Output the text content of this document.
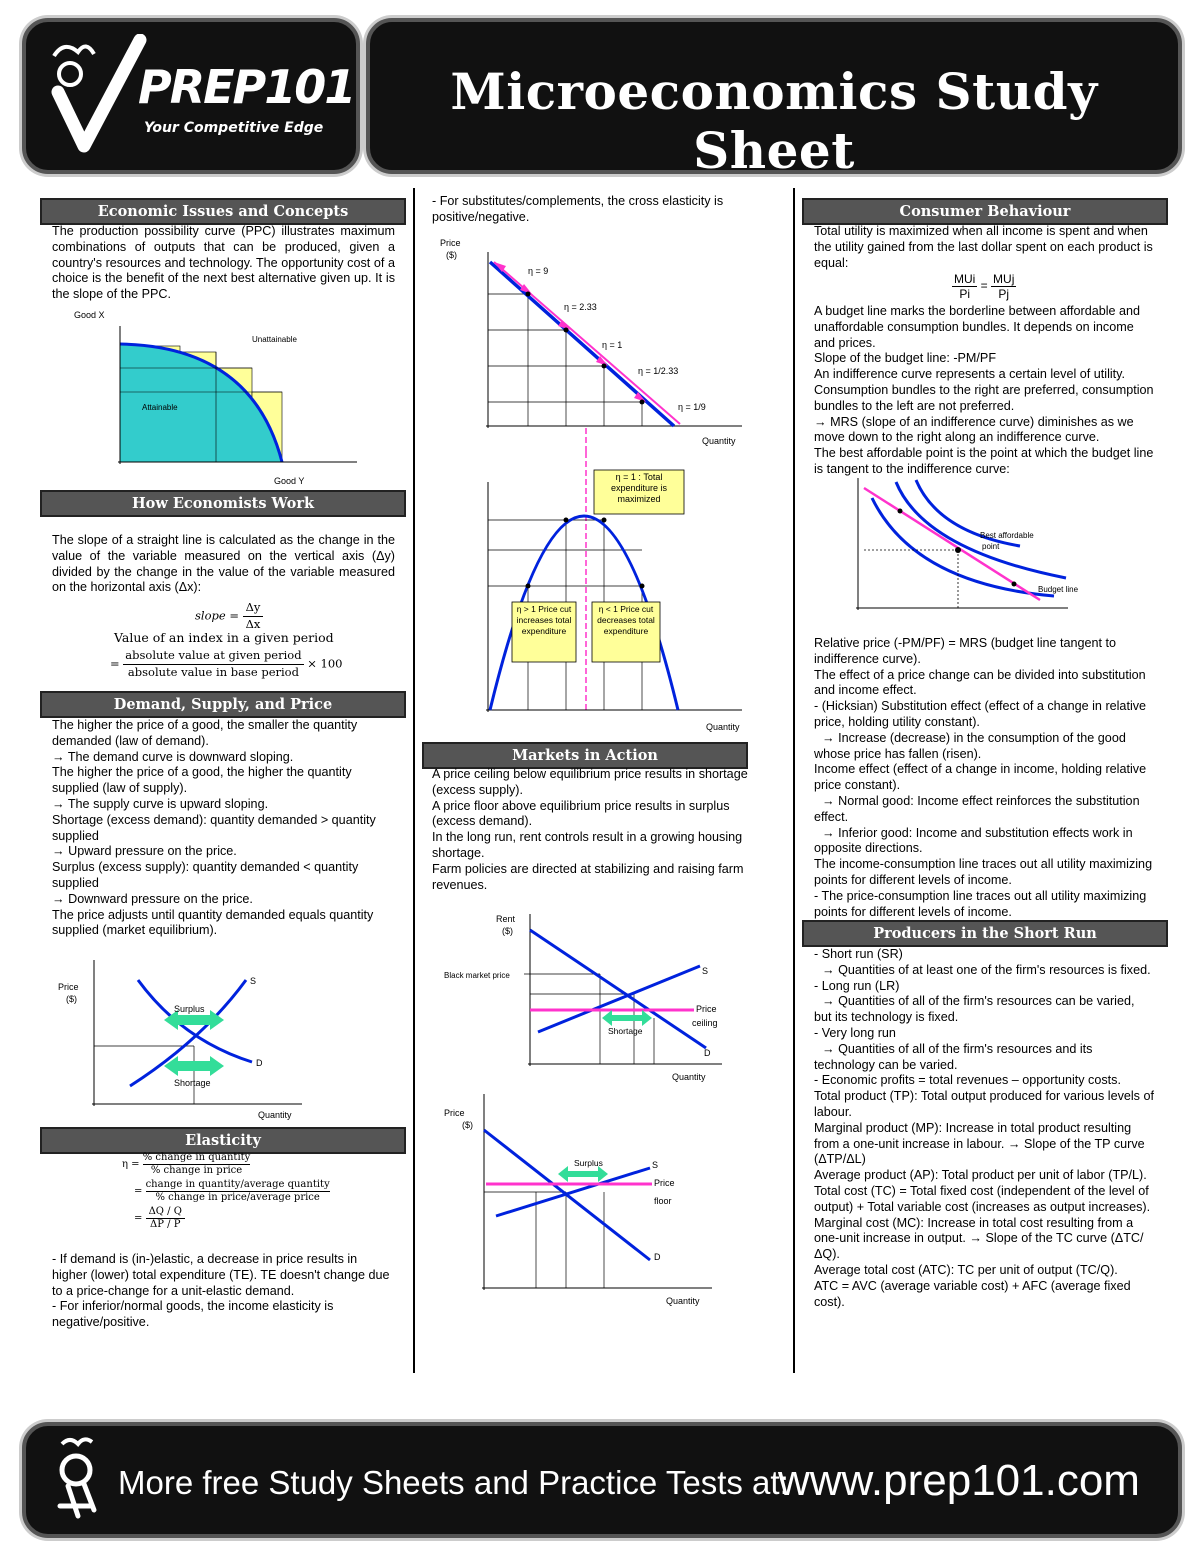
PREP101
Your Competitive Edge
Microeconomics Study Sheet
Economic Issues and Concepts

The production possibility curve (PPC) illustrates maximum combinations of outputs that can be produced, given a country's resources and technology. The opportunity cost of a choice is the benefit of the next best alternative given up. It is the slope of the PPC.

Good X
Good Y
Unattainable
Attainable
How Economists Work

The slope of a straight line is calculated as the change in the value of the variable measured on the vertical axis (Δy) divided by the change in the value of the variable measured on the horizontal axis (Δx):

slope = $\frac{\Delta y}{\Delta x}$
Value of an index in a given period
=
absolute value at given period
absolute value in base period
× 100
Demand, Supply, and Price

The higher the price of a good, the smaller the quantity demanded (law of demand).

→ The demand curve is downward sloping.

The higher the price of a good, the higher the quantity supplied (law of supply).

→ The supply curve is upward sloping.

Shortage (excess demand): quantity demanded > quantity supplied

→ Upward pressure on the price.

Surplus (excess supply): quantity demanded < quantity supplied

→ Downward pressure on the price.

The price adjusts until quantity demanded equals quantity supplied (market equilibrium).

Price
($)
Quantity
Surplus
Shortage
S
D
Elasticity
η =
% change in quantity
% change in price
=
change in quantity/average quantity
% change in price/average price
= $\frac{\Delta Q / Q}{\Delta P / P}$

- If demand is (in-)elastic, a decrease in price results in higher (lower) total expenditure (TE). TE doesn't change due to a price-change for a unit-elastic demand.

- For inferior/normal goods, the income elasticity is negative/positive.

- For substitutes/complements, the cross elasticity is positive/negative.
Price
($)
Quantity
η = 9
η = 2.33
η = 1
η = 1/2.33
η = 1/9
Quantity
η = 1 : Total expenditure is maximized
η > 1 Price cut increases total expenditure
η < 1 Price cut decreases total expenditure
Markets in Action

A price ceiling below equilibrium price results in shortage (excess supply).

A price floor above equilibrium price results in surplus (excess demand).

In the long run, rent controls result in a growing housing shortage.

Farm policies are directed at stabilizing and raising farm revenues.

Rent
($)
Quantity
Black market price
Shortage
S
Price
ceiling
D
Price
($)
Quantity
Surplus	S
Price
floor
D
Consumer Behaviour
Total utility is maximized when all income is spent and when the utility gained from the last dollar spent on each product is equal:
MUi
Pi
= MUj
Pj

A budget line marks the borderline between affordable and unaffordable consumption bundles. It depends on income and prices.

Slope of the budget line: -PM/PF

An indifference curve represents a certain level of utility. Consumption bundles to the right are preferred, consumption bundles to the left are not preferred.

→ MRS (slope of an indifference curve) diminishes as we move down to the right along an indifference curve.

The best affordable point is the point at which the budget line is tangent to the indifference curve:

Best affordable
point
Budget line

Relative price (-PM/PF) = MRS (budget line tangent to indifference curve).

The effect of a price change can be divided into substitution and income effect.

- (Hicksian) Substitution effect (effect of a change in relative price, holding utility constant).

→ Increase (decrease) in the consumption of the good whose price has fallen (risen).

Income effect (effect of a change in income, holding relative price constant).

→ Normal good: Income effect reinforces the substitution effect.

→ Inferior good: Income and substitution effects work in opposite directions.

The income-consumption line traces out all utility maximizing points for different levels of income.

- The price-consumption line traces out all utility maximizing points for different levels of income.

Producers in the Short Run

- Short run (SR)

→ Quantities of at least one of the firm's resources is fixed.

- Long run (LR)

→ Quantities of all of the firm's resources can be varied, but its technology is fixed.

- Very long run

→ Quantities of all of the firm's resources and its technology can be varied.

- Economic profits = total revenues – opportunity costs.

Total product (TP): Total output produced for various levels of labour.

Marginal product (MP): Increase in total product resulting from a one-unit increase in labour. → Slope of the TP curve (ΔTP/ΔL)

Average product (AP): Total product per unit of labor (TP/L).

Total cost (TC) = Total fixed cost (independent of the level of output) + Total variable cost (increases as output increases).

Marginal cost (MC): Increase in total cost resulting from a one-unit increase in output. → Slope of the TC curve (ΔTC/ΔQ).

Average total cost (ATC): TC per unit of output (TC/Q).

ATC = AVC (average variable cost) + AFC (average fixed cost).

More free Study Sheets and Practice Tests at:
www.prep101.com
